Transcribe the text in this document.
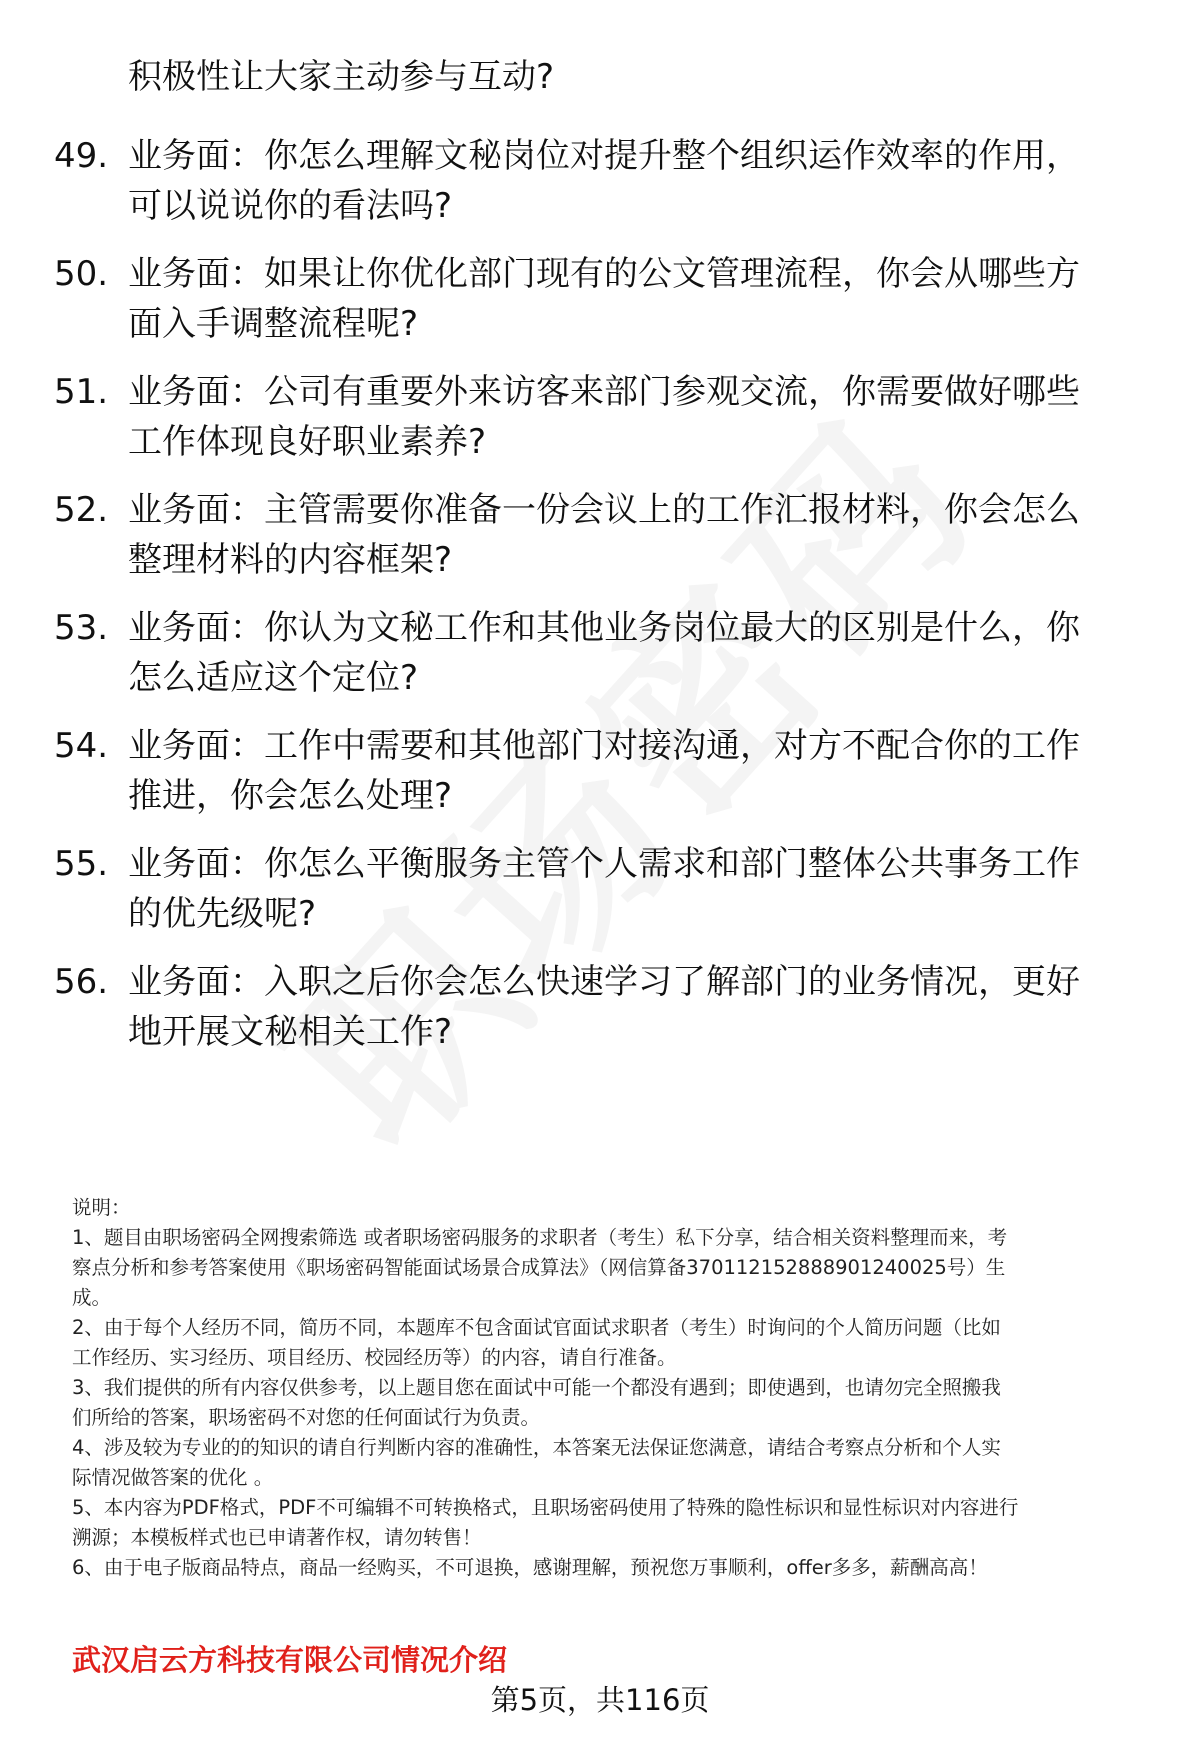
积极性让大家主动参与互动?
49. 业务面：你怎么理解文秘岗位对提升整个组织运作效率的作用，
可以说说你的看法吗?
50. 业务面：如果让你优化部门现有的公文管理流程，你会从哪些方
面入手调整流程呢?
51. 业务面：公司有重要外来访客来部门参观交流，你需要做好哪些
工作体现良好职业素养?
52. 业务面：主管需要你准备一份会议上的工作汇报材料，你会怎么
整理材料的内容框架?
53. 业务面：你认为文秘工作和其他业务岗位最大的区别是什么，你
怎么适应这个定位?
54. 业务面：工作中需要和其他部门对接沟通，对方不配合你的工作
推进，你会怎么处理?
55. 业务面：你怎么平衡服务主管个人需求和部门整体公共事务工作
的优先级呢?
56. 业务面：入职之后你会怎么快速学习了解部门的业务情况，更好
地开展文秘相关工作?
说明：
1、题目由职场密码全网搜索筛选 或者职场密码服务的求职者（考生）私下分享，结合相关资料整理而来，考
察点分析和参考答案使用《职场密码智能面试场景合成算法》（网信算备370112152888901240025号）生
成。
2、由于每个人经历不同，简历不同，本题库不包含面试官面试求职者（考生）时询问的个人简历问题（比如
工作经历、实习经历、项目经历、校园经历等）的内容，请自行准备。
3、我们提供的所有内容仅供参考，以上题目您在面试中可能一个都没有遇到；即使遇到，也请勿完全照搬我
们所给的答案，职场密码不对您的任何面试行为负责。
4、涉及较为专业的的知识的请自行判断内容的准确性，本答案无法保证您满意，请结合考察点分析和个人实
际情况做答案的优化 。
5、本内容为PDF格式，PDF不可编辑不可转换格式，且职场密码使用了特殊的隐性标识和显性标识对内容进行
溯源；本模板样式也已申请著作权，请勿转售！
6、由于电子版商品特点，商品一经购买，不可退换，感谢理解，预祝您万事顺利，offer多多，薪酬高高！
武汉启云方科技有限公司情况介绍
第5页，共116页
